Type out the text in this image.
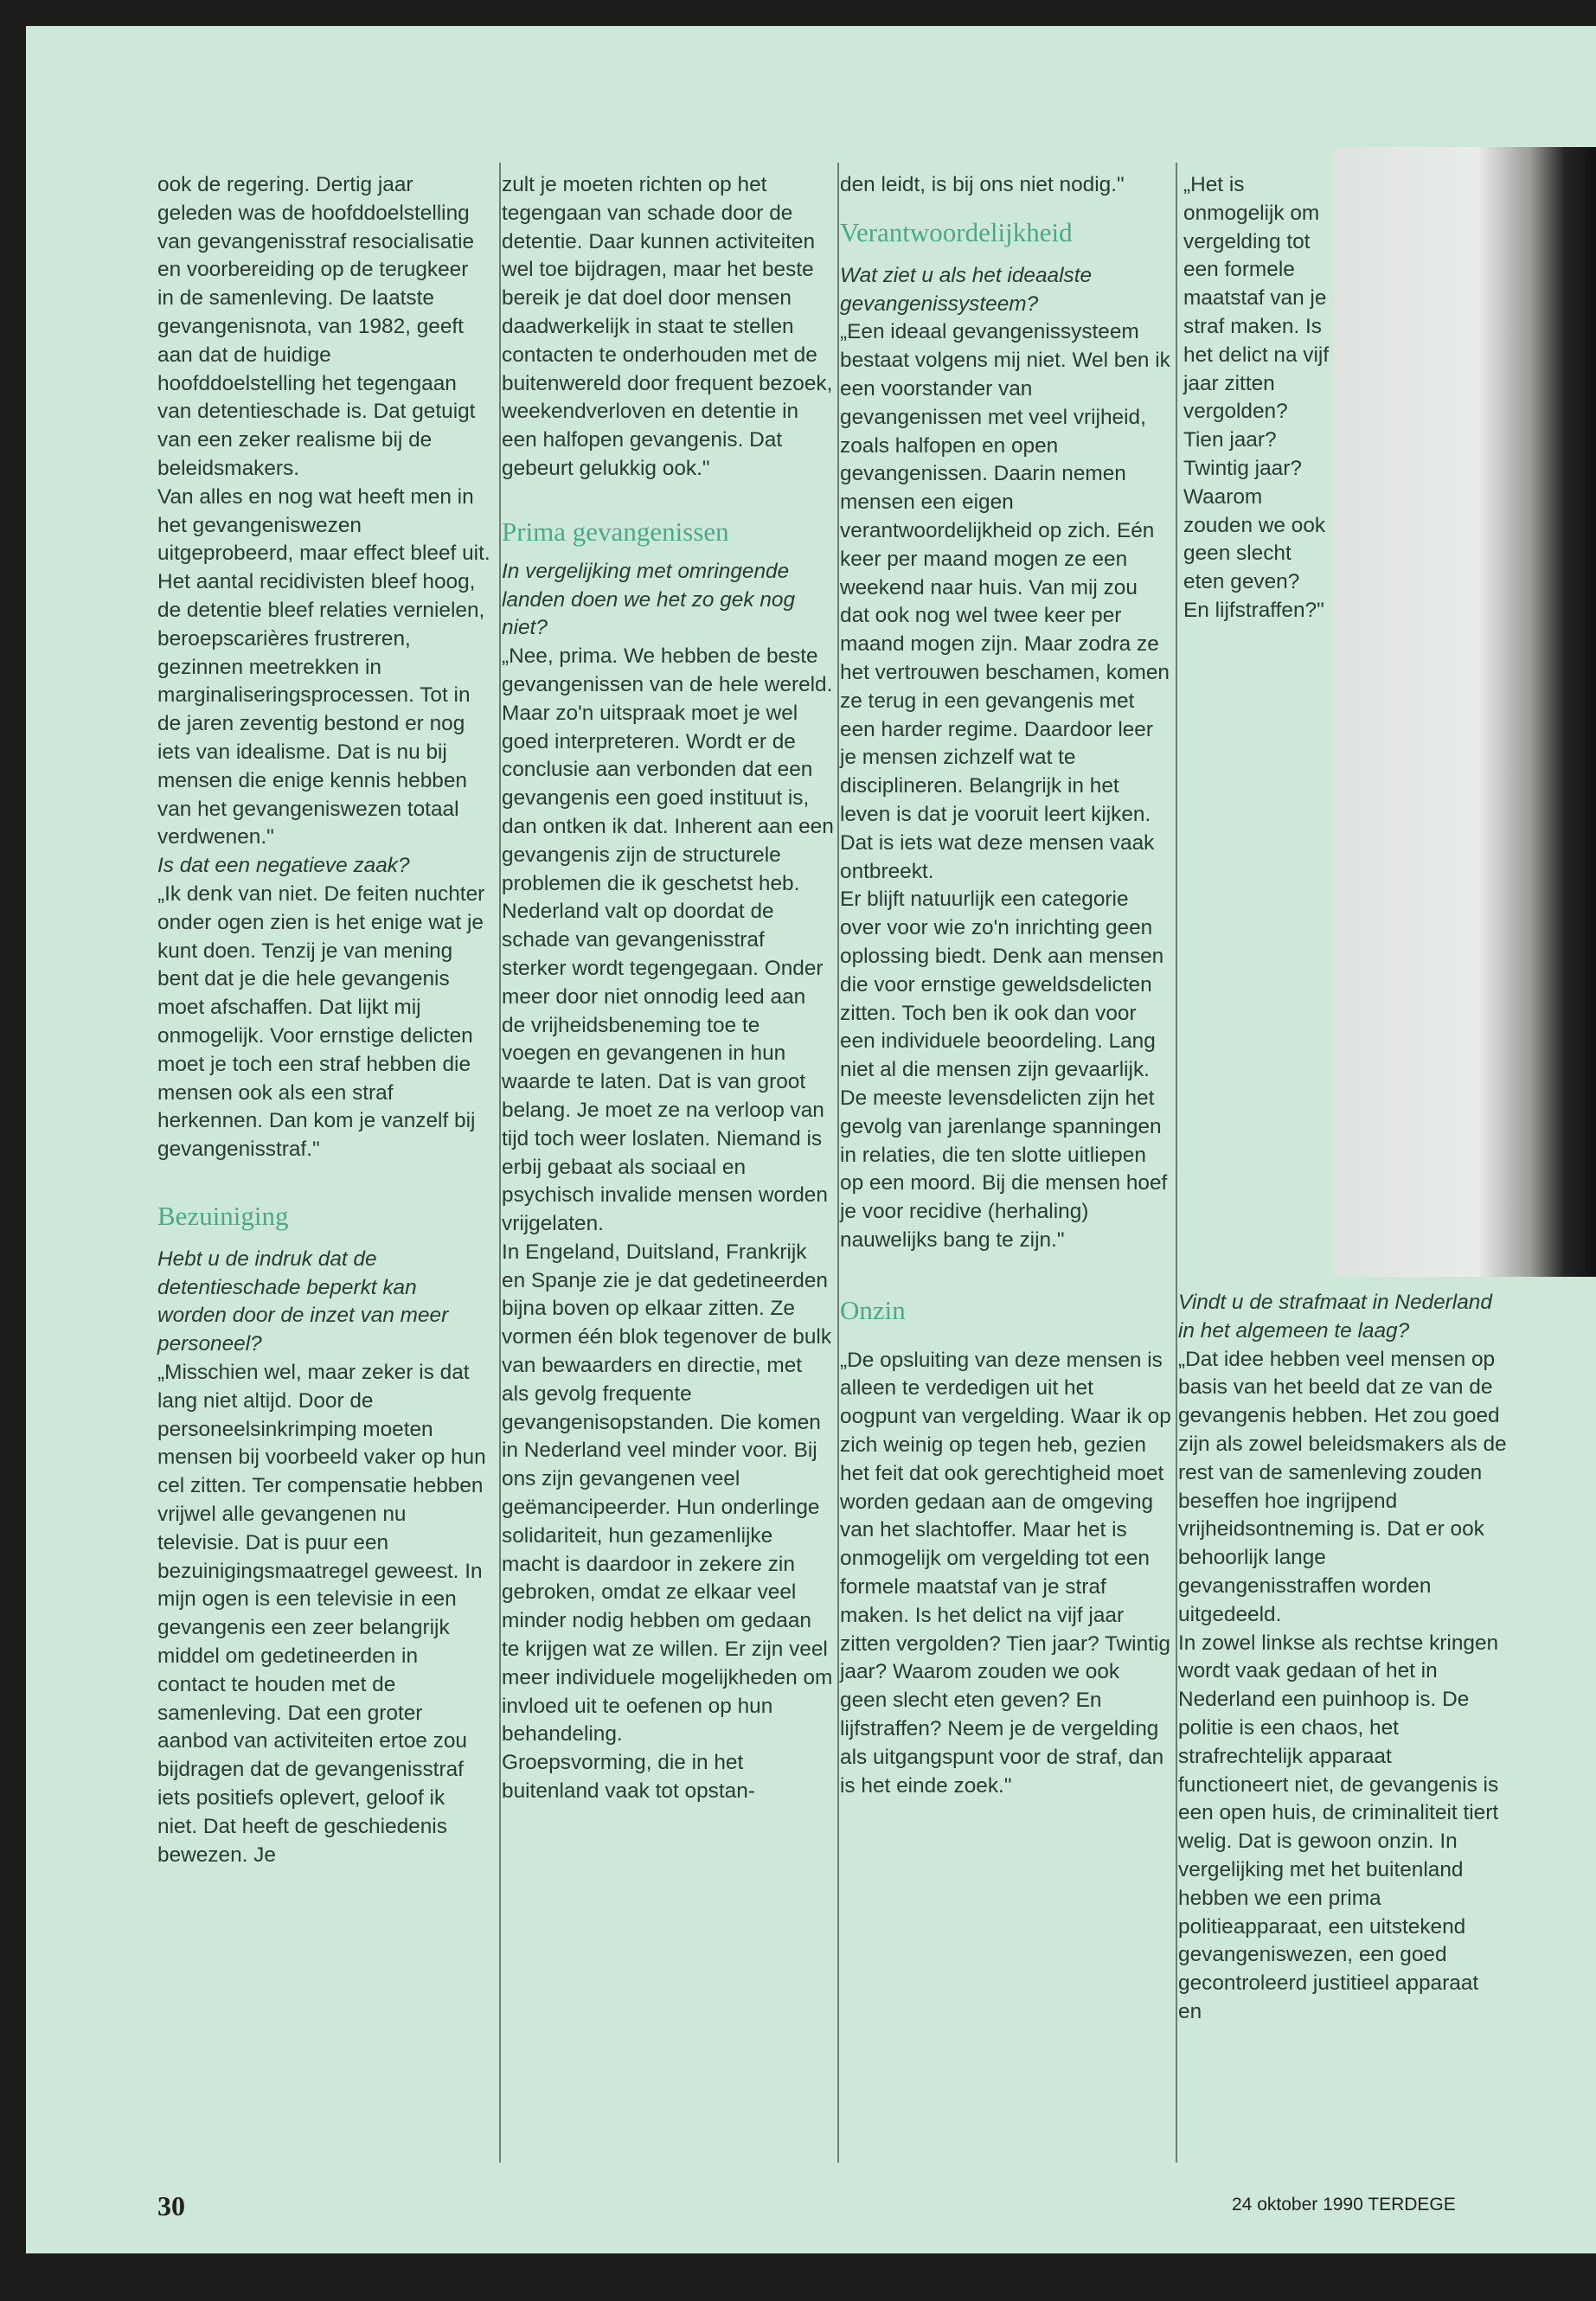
ook de regering. Dertig jaar geleden was de hoofddoelstelling van gevangenisstraf resocialisatie en voorbereiding op de terugkeer in de samenleving. De laatste gevangenisnota, van 1982, geeft aan dat de huidige hoofddoelstelling het tegengaan van detentieschade is. Dat getuigt van een zeker realisme bij de beleidsmakers.

Van alles en nog wat heeft men in het gevangeniswezen uitgeprobeerd, maar effect bleef uit. Het aantal recidivisten bleef hoog, de detentie bleef relaties vernielen, beroepscarières frustreren, gezinnen meetrekken in marginaliseringsprocessen. Tot in de jaren zeventig bestond er nog iets van idealisme. Dat is nu bij mensen die enige kennis hebben van het gevangeniswezen totaal verdwenen."

Is dat een negatieve zaak?

„Ik denk van niet. De feiten nuchter onder ogen zien is het enige wat je kunt doen. Tenzij je van mening bent dat je die hele gevangenis moet afschaffen. Dat lijkt mij onmogelijk. Voor ernstige delicten moet je toch een straf hebben die mensen ook als een straf herkennen. Dan kom je vanzelf bij gevangenisstraf."

Bezuiniging

Hebt u de indruk dat de detentieschade beperkt kan worden door de inzet van meer personeel?

„Misschien wel, maar zeker is dat lang niet altijd. Door de personeelsinkrimping moeten mensen bij voorbeeld vaker op hun cel zitten. Ter compensatie hebben vrijwel alle gevangenen nu televisie. Dat is puur een bezuinigingsmaatregel geweest. In mijn ogen is een televisie in een gevangenis een zeer belangrijk middel om gedetineerden in contact te houden met de samenleving. Dat een groter aanbod van activiteiten ertoe zou bijdragen dat de gevangenisstraf iets positiefs oplevert, geloof ik niet. Dat heeft de geschiedenis bewezen. Je

zult je moeten richten op het tegengaan van schade door de detentie. Daar kunnen activiteiten wel toe bijdragen, maar het beste bereik je dat doel door mensen daadwerkelijk in staat te stellen contacten te onderhouden met de buitenwereld door frequent bezoek, weekendverloven en detentie in een halfopen gevangenis. Dat gebeurt gelukkig ook."

Prima gevangenissen

In vergelijking met omringende landen doen we het zo gek nog niet?

„Nee, prima. We hebben de beste gevangenissen van de hele wereld. Maar zo'n uitspraak moet je wel goed interpreteren. Wordt er de conclusie aan verbonden dat een gevangenis een goed instituut is, dan ontken ik dat. Inherent aan een gevangenis zijn de structurele problemen die ik geschetst heb.

Nederland valt op doordat de schade van gevangenisstraf sterker wordt tegengegaan. Onder meer door niet onnodig leed aan de vrijheidsbeneming toe te voegen en gevangenen in hun waarde te laten. Dat is van groot belang. Je moet ze na verloop van tijd toch weer loslaten. Niemand is erbij gebaat als sociaal en psychisch invalide mensen worden vrijgelaten.

In Engeland, Duitsland, Frankrijk en Spanje zie je dat gedetineerden bijna boven op elkaar zitten. Ze vormen één blok tegenover de bulk van bewaarders en directie, met als gevolg frequente gevangenisopstanden. Die komen in Nederland veel minder voor. Bij ons zijn gevangenen veel geëmancipeerder. Hun onderlinge solidariteit, hun gezamenlijke macht is daardoor in zekere zin gebroken, omdat ze elkaar veel minder nodig hebben om gedaan te krijgen wat ze willen. Er zijn veel meer individuele mogelijkheden om invloed uit te oefenen op hun behandeling.

Groepsvorming, die in het buitenland vaak tot opstan-

den leidt, is bij ons niet nodig."

Verantwoordelijkheid

Wat ziet u als het ideaalste gevangenissysteem?

„Een ideaal gevangenissysteem bestaat volgens mij niet. Wel ben ik een voorstander van gevangenissen met veel vrijheid, zoals halfopen en open gevangenissen. Daarin nemen mensen een eigen verantwoordelijkheid op zich. Eén keer per maand mogen ze een weekend naar huis. Van mij zou dat ook nog wel twee keer per maand mogen zijn. Maar zodra ze het vertrouwen beschamen, komen ze terug in een gevangenis met een harder regime. Daardoor leer je mensen zichzelf wat te disciplineren. Belangrijk in het leven is dat je vooruit leert kijken. Dat is iets wat deze mensen vaak ontbreekt.

Er blijft natuurlijk een categorie over voor wie zo'n inrichting geen oplossing biedt. Denk aan mensen die voor ernstige geweldsdelicten zitten. Toch ben ik ook dan voor een individuele beoordeling. Lang niet al die mensen zijn gevaarlijk. De meeste levensdelicten zijn het gevolg van jarenlange spanningen in relaties, die ten slotte uitliepen op een moord. Bij die mensen hoef je voor recidive (herhaling) nauwelijks bang te zijn."

Onzin

„De opsluiting van deze mensen is alleen te verdedigen uit het oogpunt van vergelding. Waar ik op zich weinig op tegen heb, gezien het feit dat ook gerechtigheid moet worden gedaan aan de omgeving van het slachtoffer. Maar het is onmogelijk om vergelding tot een formele maatstaf van je straf maken. Is het delict na vijf jaar zitten vergolden? Tien jaar? Twintig jaar? Waarom zouden we ook geen slecht eten geven? En lijfstraffen? Neem je de vergelding als uitgangspunt voor de straf, dan is het einde zoek."

„Het is onmogelijk om vergelding tot een formele maatstaf van je straf maken. Is het delict na vijf jaar zitten vergolden? Tien jaar? Twintig jaar? Waarom zouden we ook geen slecht eten geven? En lijfstraffen?"

Vindt u de strafmaat in Nederland in het algemeen te laag?

„Dat idee hebben veel mensen op basis van het beeld dat ze van de gevangenis hebben. Het zou goed zijn als zowel beleidsmakers als de rest van de samenleving zouden beseffen hoe ingrijpend vrijheidsontneming is. Dat er ook behoorlijk lange gevangenisstraffen worden uitgedeeld.

In zowel linkse als rechtse kringen wordt vaak gedaan of het in Nederland een puinhoop is. De politie is een chaos, het strafrechtelijk apparaat functioneert niet, de gevangenis is een open huis, de criminaliteit tiert welig. Dat is gewoon onzin. In vergelijking met het buitenland hebben we een prima politieapparaat, een uitstekend gevangeniswezen, een goed gecontroleerd justitieel apparaat en

30	24 oktober 1990 TERDEGE
